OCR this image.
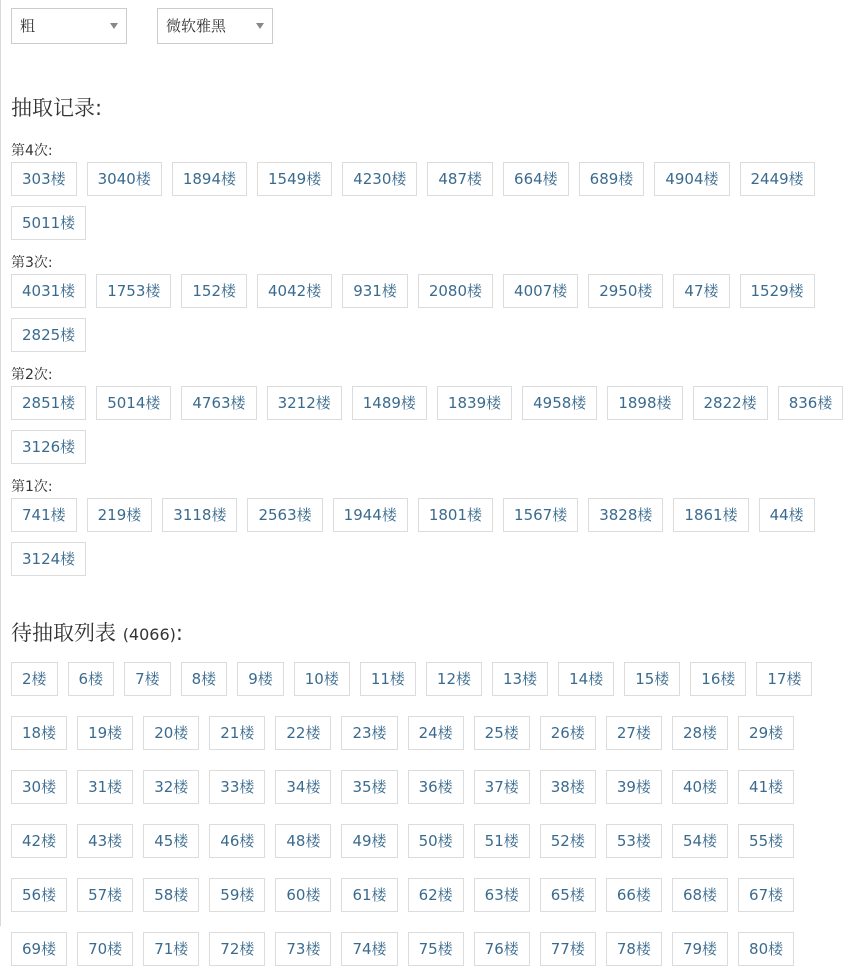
粗	微软雅黑
抽取记录:
第4次:
303楼	3040楼	1894楼	1549楼	4230楼	487楼	664楼	689楼	4904楼	2449楼
5011楼
第3次:
4031楼	1753楼	152楼	4042楼	931楼	2080楼	4007楼	2950楼	47楼	1529楼
2825楼
第2次:
2851楼	5014楼	4763楼	3212楼	1489楼	1839楼	4958楼	1898楼	2822楼	836楼
3126楼
第1次:
741楼	219楼	3118楼	2563楼	1944楼	1801楼	1567楼	3828楼	1861楼	44楼
3124楼
待抽取列表 (4066):
2楼	6楼	7楼	8楼	9楼	10楼	11楼	12楼	13楼	14楼	15楼	16楼	17楼
18楼	19楼	20楼	21楼	22楼	23楼	24楼	25楼	26楼	27楼	28楼	29楼
30楼	31楼	32楼	33楼	34楼	35楼	36楼	37楼	38楼	39楼	40楼	41楼
42楼	43楼	45楼	46楼	48楼	49楼	50楼	51楼	52楼	53楼	54楼	55楼
56楼	57楼	58楼	59楼	60楼	61楼	62楼	63楼	65楼	66楼	68楼	67楼
69楼	70楼	71楼	72楼	73楼	74楼	75楼	76楼	77楼	78楼	79楼	80楼
